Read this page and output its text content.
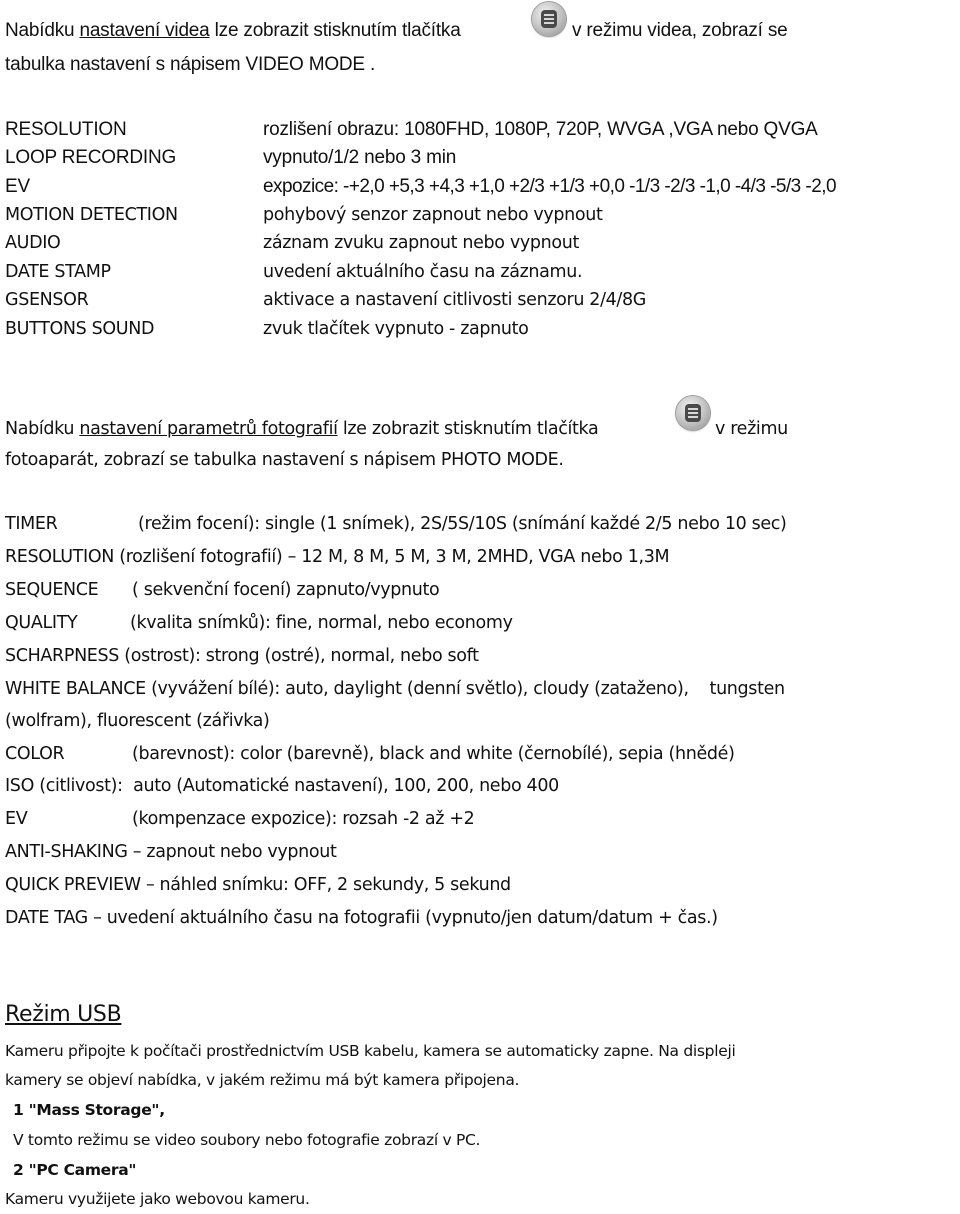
Nabídku nastavení videa lze zobrazit stisknutím tlačítka	v režimu videa, zobrazí se
tabulka nastavení s nápisem VIDEO MODE .
RESOLUTION	rozlišení obrazu: 1080FHD, 1080P, 720P, WVGA ,VGA nebo QVGA
LOOP RECORDING	vypnuto/1/2 nebo 3 min
EV	expozice: -+2,0 +5,3 +4,3 +1,0 +2/3 +1/3 +0,0 -1/3 -2/3 -1,0 -4/3 -5/3 -2,0
MOTION DETECTION	pohybový senzor zapnout nebo vypnout
AUDIO	záznam zvuku zapnout nebo vypnout
DATE STAMP	uvedení aktuálního času na záznamu.
GSENSOR	aktivace a nastavení citlivosti senzoru 2/4/8G
BUTTONS SOUND	zvuk tlačítek vypnuto - zapnuto
Nabídku nastavení parametrů fotografií lze zobrazit stisknutím tlačítka	v režimu
fotoaparát, zobrazí se tabulka nastavení s nápisem PHOTO MODE.
TIMER	(režim focení): single (1 snímek), 2S/5S/10S (snímání každé 2/5 nebo 10 sec)
RESOLUTION (rozlišení fotografií) – 12 M, 8 M, 5 M, 3 M, 2MHD, VGA nebo 1,3M
SEQUENCE ( sekvenční focení) zapnuto/vypnuto
QUALITY	(kvalita snímků): fine, normal, nebo economy
SCHARPNESS (ostrost): strong (ostré), normal, nebo soft
WHITE BALANCE (vyvážení bílé): auto, daylight (denní světlo), cloudy (zataženo),    tungsten
(wolfram), fluorescent (zářivka)
COLOR	(barevnost): color (barevně), black and white (černobílé), sepia (hnědé)
ISO (citlivost):  auto (Automatické nastavení), 100, 200, nebo 400
EV	(kompenzace expozice): rozsah -2 až +2
ANTI-SHAKING – zapnout nebo vypnout
QUICK PREVIEW – náhled snímku: OFF, 2 sekundy, 5 sekund
DATE TAG – uvedení aktuálního času na fotografii (vypnuto/jen datum/datum + čas.)
Režim USB
Kameru připojte k počítači prostřednictvím USB kabelu, kamera se automaticky zapne. Na displeji
kamery se objeví nabídka, v jakém režimu má být kamera připojena.
1 "Mass Storage",
V tomto režimu se video soubory nebo fotografie zobrazí v PC.
2 "PC Camera"
Kameru využijete jako webovou kameru.
